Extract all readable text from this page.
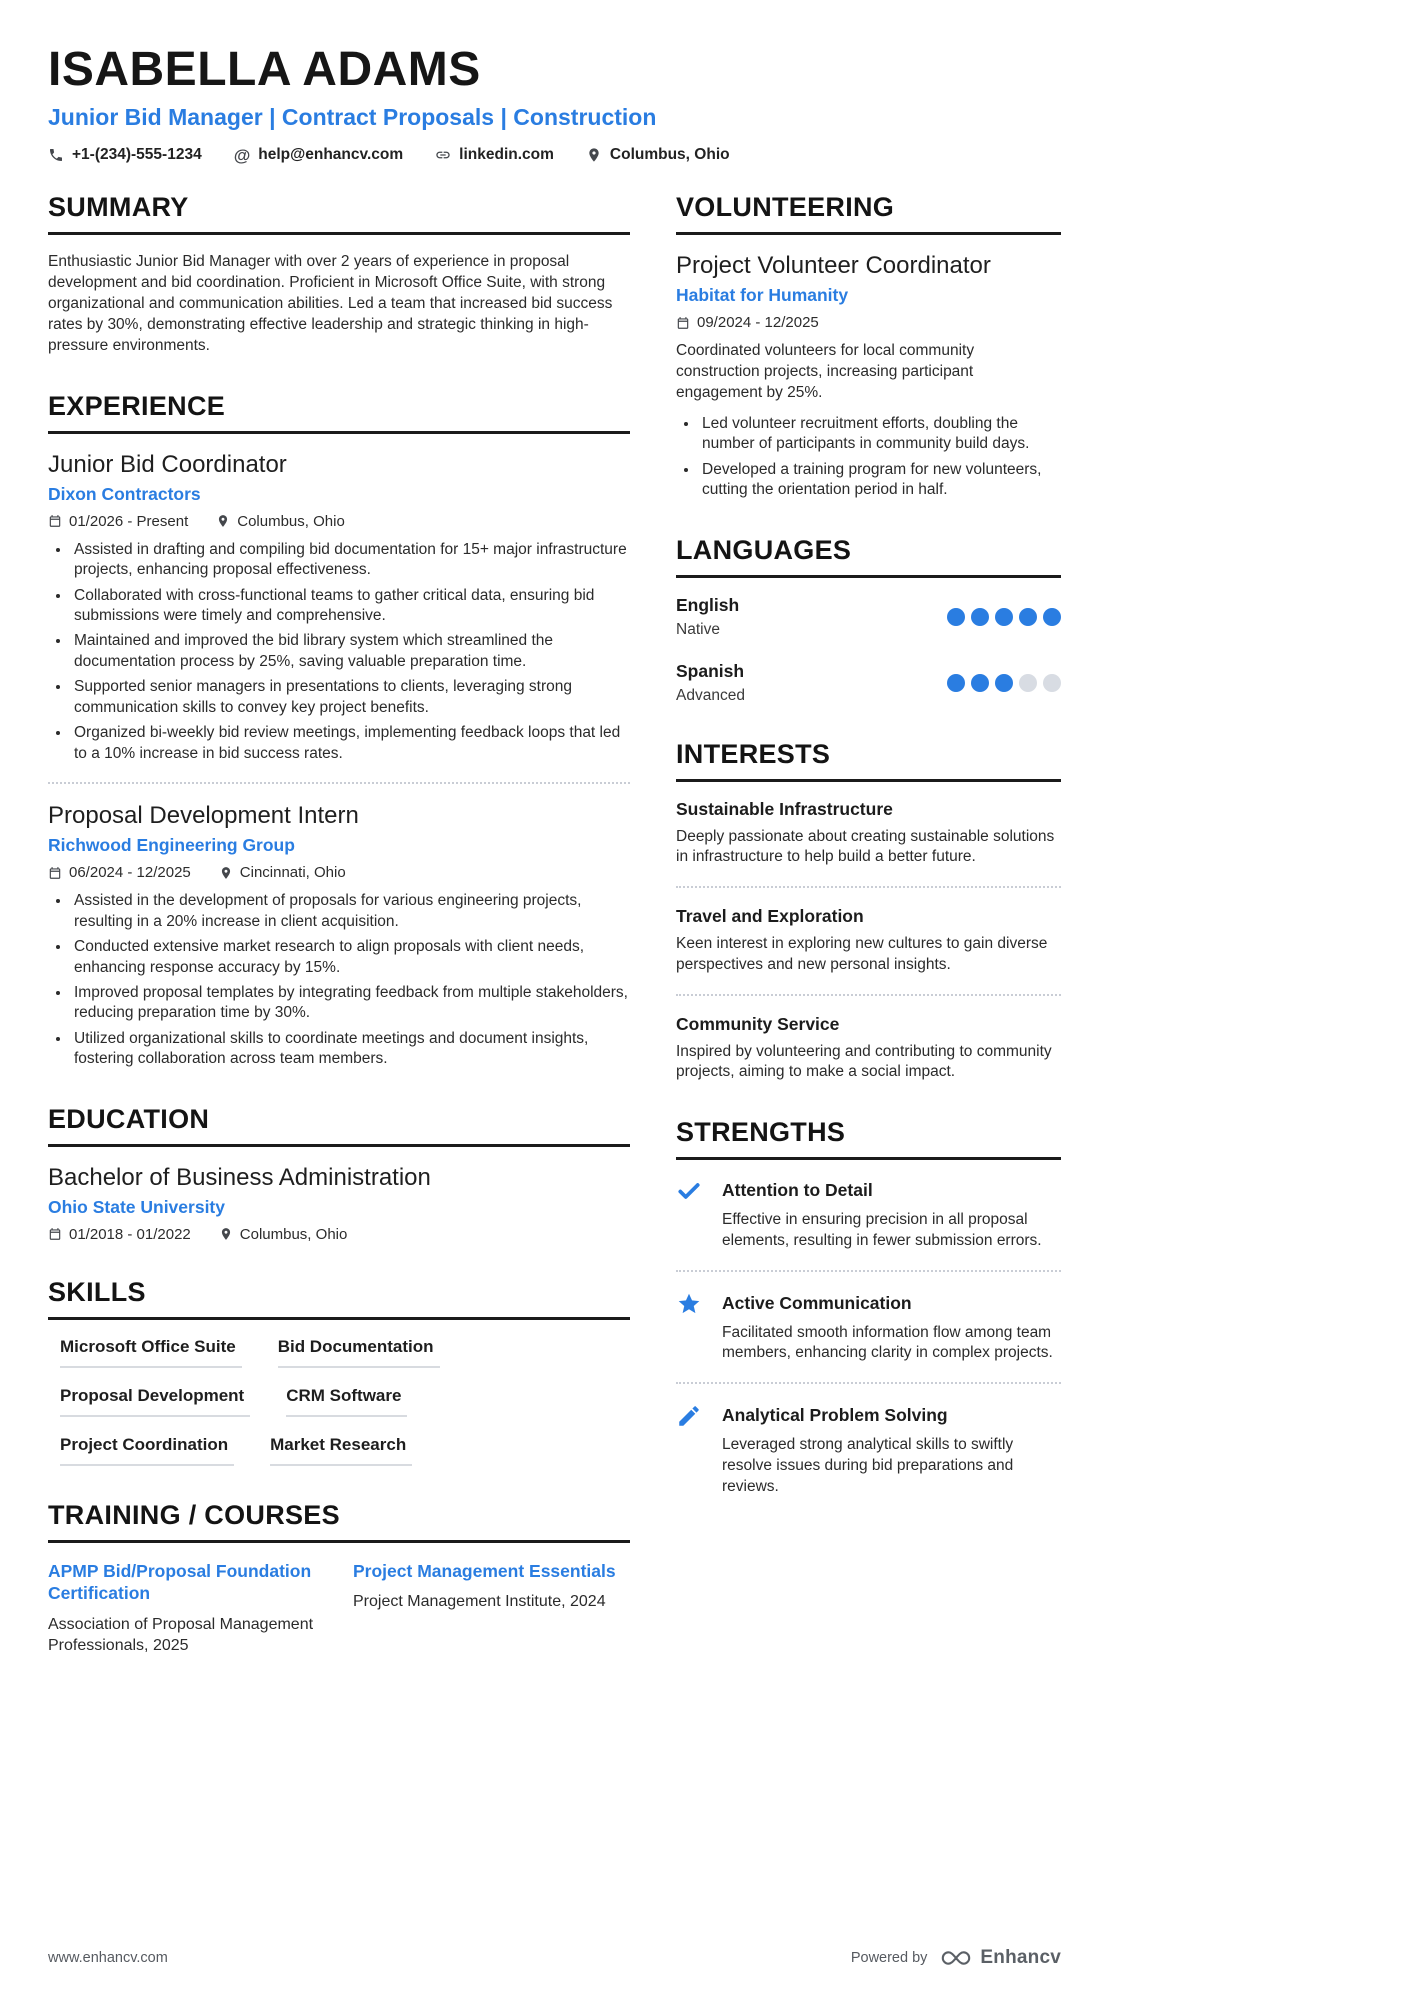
ISABELLA ADAMS
Junior Bid Manager | Contract Proposals | Construction
+1-(234)-555-1234 @ help@enhancv.com	linkedin.com	Columbus, Ohio
SUMMARY

Enthusiastic Junior Bid Manager with over 2 years of experience in proposal development and bid coordination. Proficient in Microsoft Office Suite, with strong organizational and communication abilities. Led a team that increased bid success rates by 30%, demonstrating effective leadership and strategic thinking in high-pressure environments.

EXPERIENCE
Junior Bid Coordinator
Dixon Contractors
01/2026 - Present	Columbus, Ohio
• Assisted in drafting and compiling bid documentation for 15+ major infrastructure projects, enhancing proposal effectiveness.
• Collaborated with cross-functional teams to gather critical data, ensuring bid submissions were timely and comprehensive.
• Maintained and improved the bid library system which streamlined the documentation process by 25%, saving valuable preparation time.
• Supported senior managers in presentations to clients, leveraging strong communication skills to convey key project benefits.
• Organized bi-weekly bid review meetings, implementing feedback loops that led to a 10% increase in bid success rates.
Proposal Development Intern
Richwood Engineering Group
06/2024 - 12/2025	Cincinnati, Ohio
• Assisted in the development of proposals for various engineering projects, resulting in a 20% increase in client acquisition.
• Conducted extensive market research to align proposals with client needs, enhancing response accuracy by 15%.
• Improved proposal templates by integrating feedback from multiple stakeholders, reducing preparation time by 30%.
• Utilized organizational skills to coordinate meetings and document insights, fostering collaboration across team members.
EDUCATION
Bachelor of Business Administration
Ohio State University
01/2018 - 01/2022	Columbus, Ohio
SKILLS
Microsoft Office Suite	Bid Documentation
Proposal Development	CRM Software
Project Coordination	Market Research
TRAINING / COURSES
APMP Bid/Proposal Foundation Certification
Association of Proposal Management Professionals, 2025
Project Management Essentials
Project Management Institute, 2024
VOLUNTEERING
Project Volunteer Coordinator
Habitat for Humanity
09/2024 - 12/2025

Coordinated volunteers for local community construction projects, increasing participant engagement by 25%.

• Led volunteer recruitment efforts, doubling the number of participants in community build days.
• Developed a training program for new volunteers, cutting the orientation period in half.
LANGUAGES
English
Native
Spanish
Advanced
INTERESTS
Sustainable Infrastructure

Deeply passionate about creating sustainable solutions in infrastructure to help build a better future.

Travel and Exploration

Keen interest in exploring new cultures to gain diverse perspectives and new personal insights.

Community Service

Inspired by volunteering and contributing to community projects, aiming to make a social impact.

STRENGTHS
Attention to Detail

Effective in ensuring precision in all proposal elements, resulting in fewer submission errors.

Active Communication

Facilitated smooth information flow among team members, enhancing clarity in complex projects.

Analytical Problem Solving

Leveraged strong analytical skills to swiftly resolve issues during bid preparations and reviews.

www.enhancv.com	Powered by	Enhancv
